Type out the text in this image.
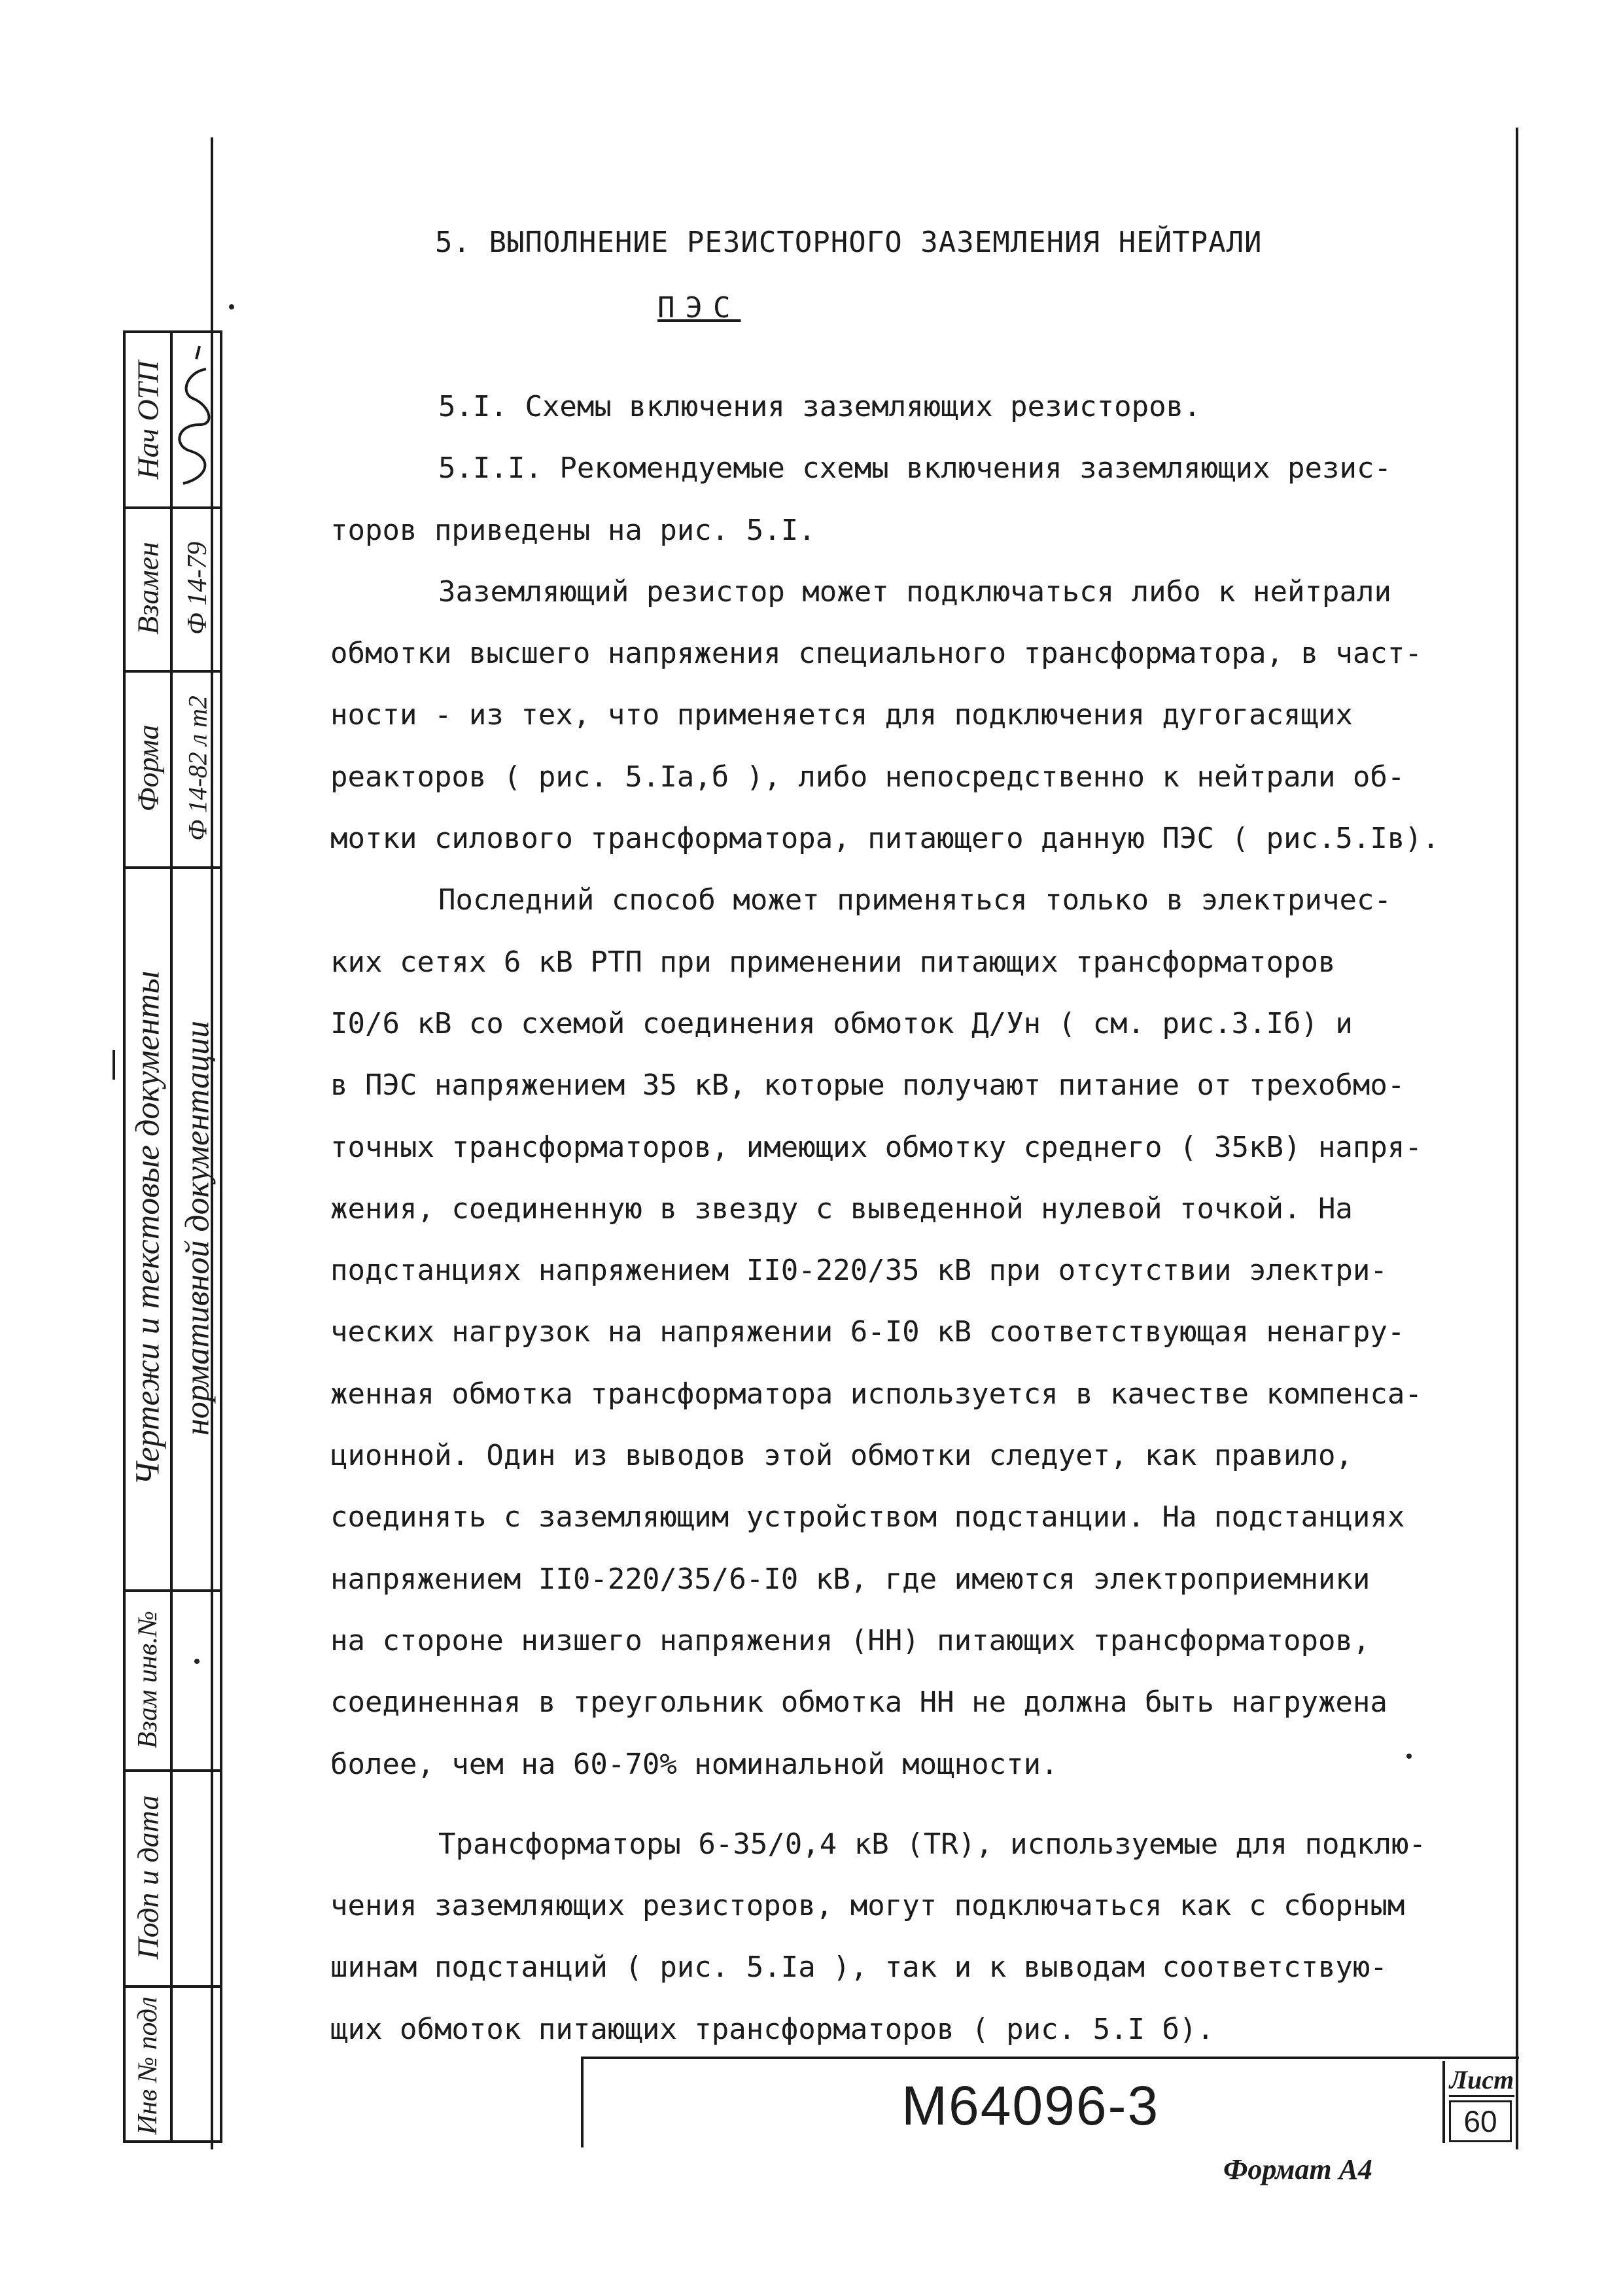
5. ВЫПОЛНЕНИЕ РЕЗИСТОРНОГО ЗАЗЕМЛЕНИЯ НЕЙТРАЛИ
ПЭС
5.I. Схемы включения заземляющих резисторов.
5.I.I. Рекомендуемые схемы включения заземляющих резис-
торов приведены на рис. 5.I.
Заземляющий резистор может подключаться либо к нейтрали
обмотки высшего напряжения специального трансформатора, в част-
ности - из тех, что применяется для подключения дугогасящих
реакторов ( рис. 5.Iа,б ), либо непосредственно к нейтрали об-
мотки силового трансформатора, питающего данную ПЭС ( рис.5.Iв).
Последний способ может применяться только в электричес-
ких сетях 6 кВ РТП при применении питающих трансформаторов
I0/6 кВ со схемой соединения обмоток Д/Ун ( см. рис.3.Iб) и
в ПЭС напряжением 35 кВ, которые получают питание от трехобмо-
точных трансформаторов, имеющих обмотку среднего ( 35кВ) напря-
жения, соединенную в звезду с выведенной нулевой точкой. На
подстанциях напряжением II0-220/35 кВ при отсутствии электри-
ческих нагрузок на напряжении 6-I0 кВ соответствующая ненагру-
женная обмотка трансформатора используется в качестве компенса-
ционной. Один из выводов этой обмотки следует, как правило,
соединять с заземляющим устройством подстанции. На подстанциях
напряжением II0-220/35/6-I0 кВ, где имеются электроприемники
на стороне низшего напряжения (НН) питающих трансформаторов,
соединенная в треугольник обмотка НН не должна быть нагружена
более, чем на 60-70% номинальной мощности.
Трансформаторы 6-35/0,4 кВ (TR), используемые для подклю-
чения заземляющих резисторов, могут подключаться как с сборным
шинам подстанций ( рис. 5.Iа ), так и к выводам соответствую-
щих обмоток питающих трансформаторов ( рис. 5.I б).
М64096-3	Лист
60
Формат А4
Нач ОТП
Взамен Ф 14-79
Форма Ф 14-82 л т2
Чертежи и текстовые документы нормативной документации
Взам инв.№
Подп и дата
Инв № подл
